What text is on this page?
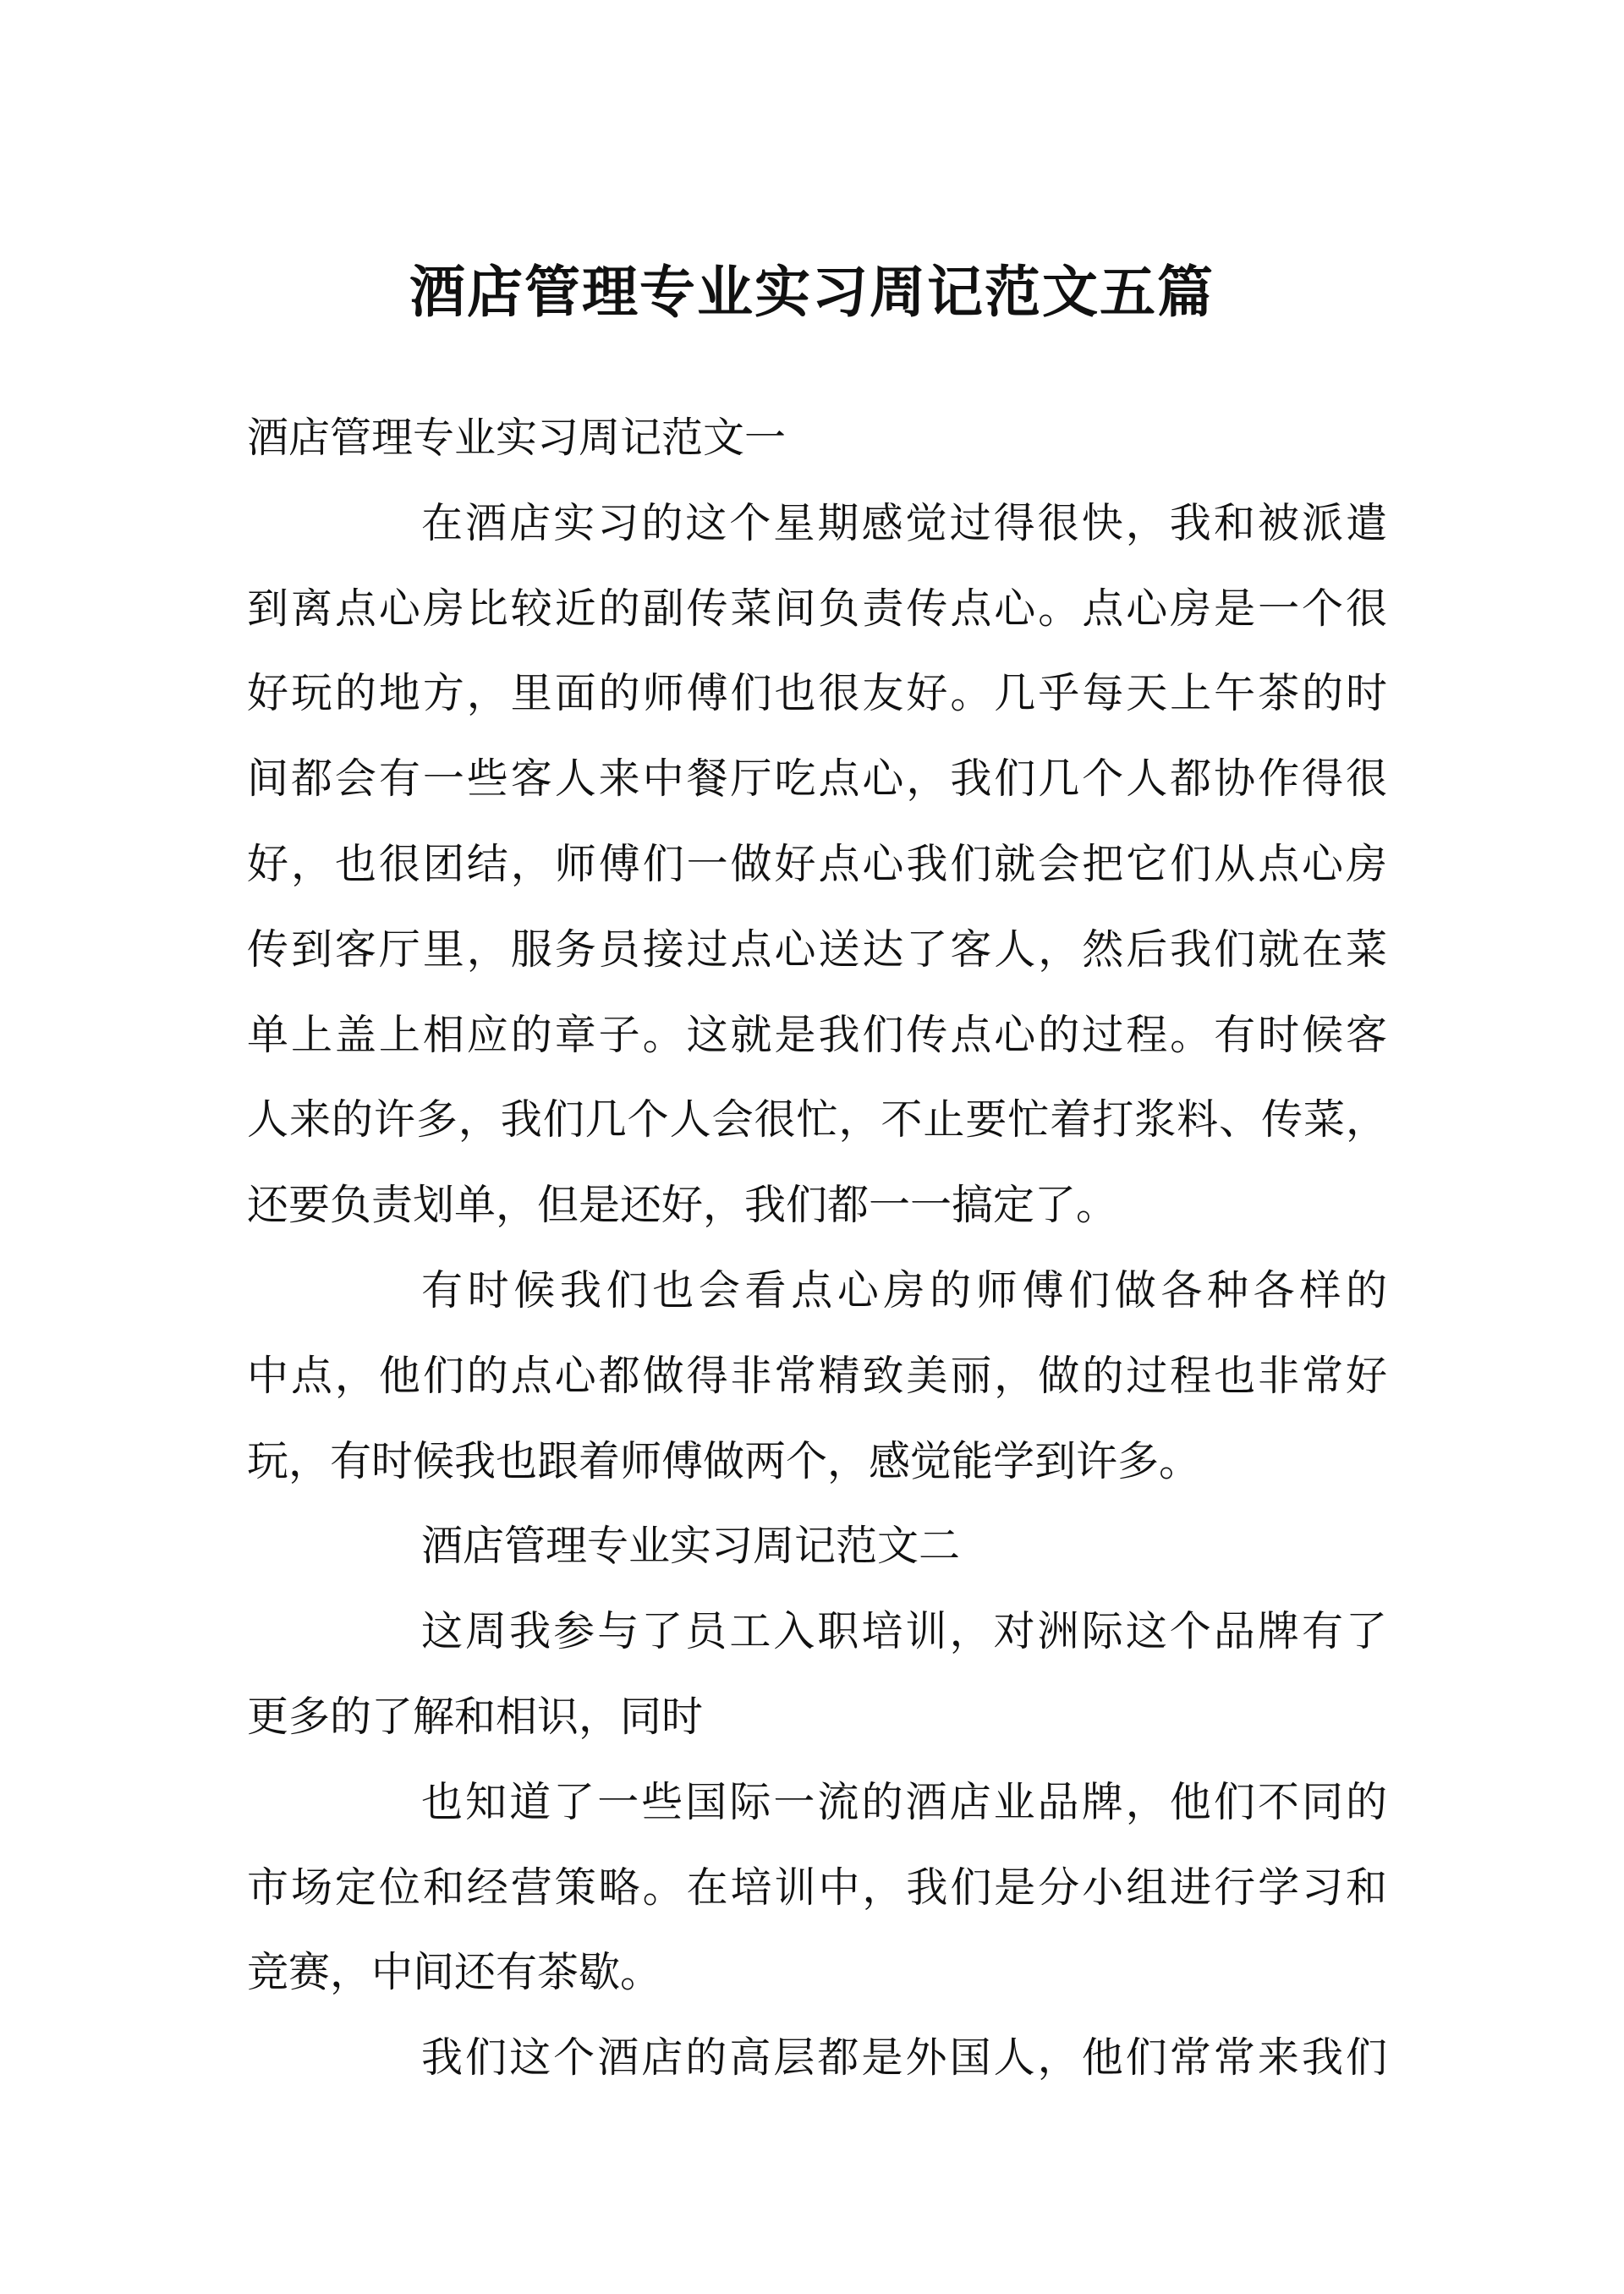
酒店管理专业实习周记范文五篇
酒店管理专业实习周记范文一
在酒店实习的这个星期感觉过得很快，我和被派遣
到离点心房比较近的副传菜间负责传点心。点心房是一个很
好玩的地方，里面的师傅们也很友好。几乎每天上午茶的时
间都会有一些客人来中餐厅吃点心，我们几个人都协作得很
好，也很团结，师傅们一做好点心我们就会把它们从点心房
传到客厅里，服务员接过点心送达了客人，然后我们就在菜
单上盖上相应的章子。这就是我们传点心的过程。有时候客
人来的许多，我们几个人会很忙，不止要忙着打浆料、传菜，
还要负责划单，但是还好，我们都一一搞定了。
有时候我们也会看点心房的师傅们做各种各样的
中点，他们的点心都做得非常精致美丽，做的过程也非常好
玩，有时候我也跟着师傅做两个，感觉能学到许多。
酒店管理专业实习周记范文二
这周我参与了员工入职培训，对洲际这个品牌有了
更多的了解和相识，同时
也知道了一些国际一流的酒店业品牌，他们不同的
市场定位和经营策略。在培训中，我们是分小组进行学习和
竞赛，中间还有茶歇。
我们这个酒店的高层都是外国人，他们常常来我们
